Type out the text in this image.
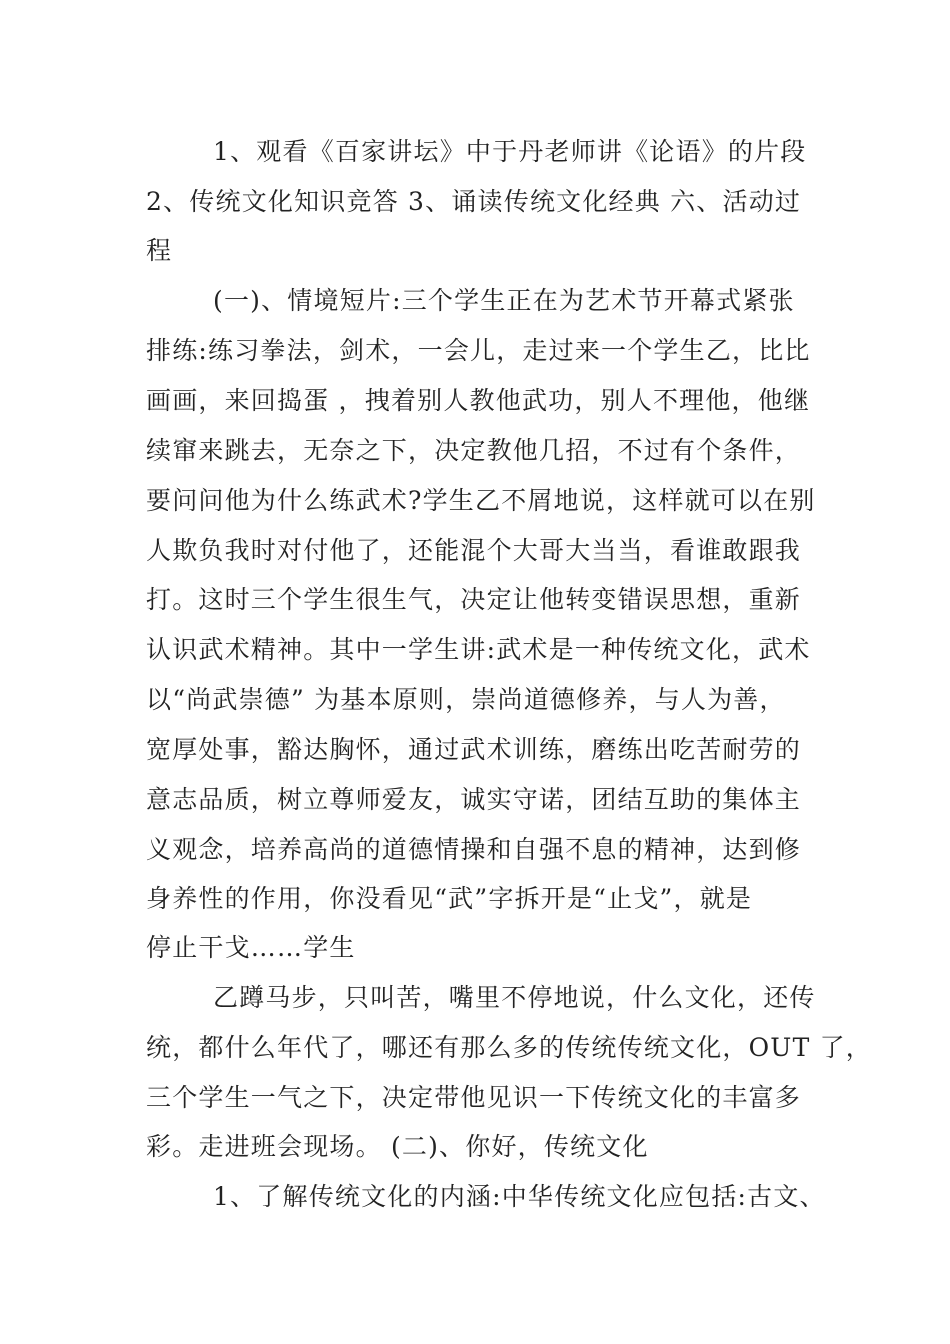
1、观看《百家讲坛》中于丹老师讲《论语》的片段

2、传统文化知识竞答 3、诵读传统文化经典 六、活动过

程

(一)、情境短片:三个学生正在为艺术节开幕式紧张

排练:练习拳法，剑术，一会儿，走过来一个学生乙，比比

画画，来回捣蛋 ，拽着别人教他武功，别人不理他，他继

续窜来跳去，无奈之下，决定教他几招，不过有个条件，

要问问他为什么练武术?学生乙不屑地说，这样就可以在别

人欺负我时对付他了，还能混个大哥大当当，看谁敢跟我

打。这时三个学生很生气，决定让他转变错误思想，重新

认识武术精神。其中一学生讲:武术是一种传统文化，武术

以“尚武崇德” 为基本原则，崇尚道德修养，与人为善，

宽厚处事，豁达胸怀，通过武术训练，磨练出吃苦耐劳的

意志品质，树立尊师爱友，诚实守诺，团结互助的集体主

义观念，培养高尚的道德情操和自强不息的精神，达到修

身养性的作用，你没看见“武”字拆开是“止戈”，就是

停止干戈……学生

乙蹲马步，只叫苦，嘴里不停地说，什么文化，还传

统，都什么年代了，哪还有那么多的传统传统文化，OUT 了，

三个学生一气之下，决定带他见识一下传统文化的丰富多

彩。走进班会现场。 (二)、你好，传统文化

1、了解传统文化的内涵:中华传统文化应包括:古文、
